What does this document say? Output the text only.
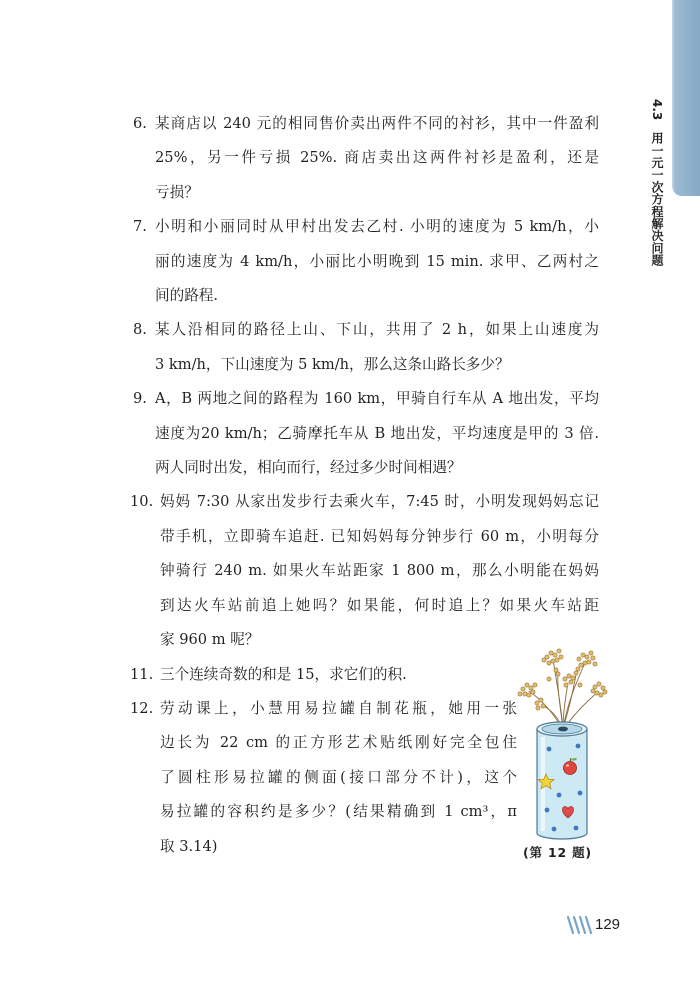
4.3
用一元一次方程解决问题
6. 某商店以 240 元的相同售价卖出两件不同的衬衫，其中一件盈利
25%，另一件亏损 25%. 商店卖出这两件衬衫是盈利，还是
亏损？
7. 小明和小丽同时从甲村出发去乙村. 小明的速度为 5 km/h，小
丽的速度为 4 km/h，小丽比小明晚到 15 min. 求甲、乙两村之
间的路程.
8. 某人沿相同的路径上山、下山，共用了 2 h，如果上山速度为
3 km/h，下山速度为 5 km/h，那么这条山路长多少？
9. A，B 两地之间的路程为 160 km，甲骑自行车从 A 地出发，平均
速度为20 km/h；乙骑摩托车从 B 地出发，平均速度是甲的 3 倍.
两人同时出发，相向而行，经过多少时间相遇？
10. 妈妈 7:30 从家出发步行去乘火车，7:45 时，小明发现妈妈忘记
带手机，立即骑车追赶. 已知妈妈每分钟步行 60 m，小明每分
钟骑行 240 m. 如果火车站距家 1 800 m，那么小明能在妈妈
到达火车站前追上她吗？如果能，何时追上？如果火车站距
家 960 m 呢？
11. 三个连续奇数的和是 15，求它们的积.
12. 劳动课上，小慧用易拉罐自制花瓶，她用一张
边长为 22 cm 的正方形艺术贴纸刚好完全包住
了圆柱形易拉罐的侧面(接口部分不计)，这个
易拉罐的容积约是多少？(结果精确到 1 cm³，π
取 3.14)	(第 12 题)
129
